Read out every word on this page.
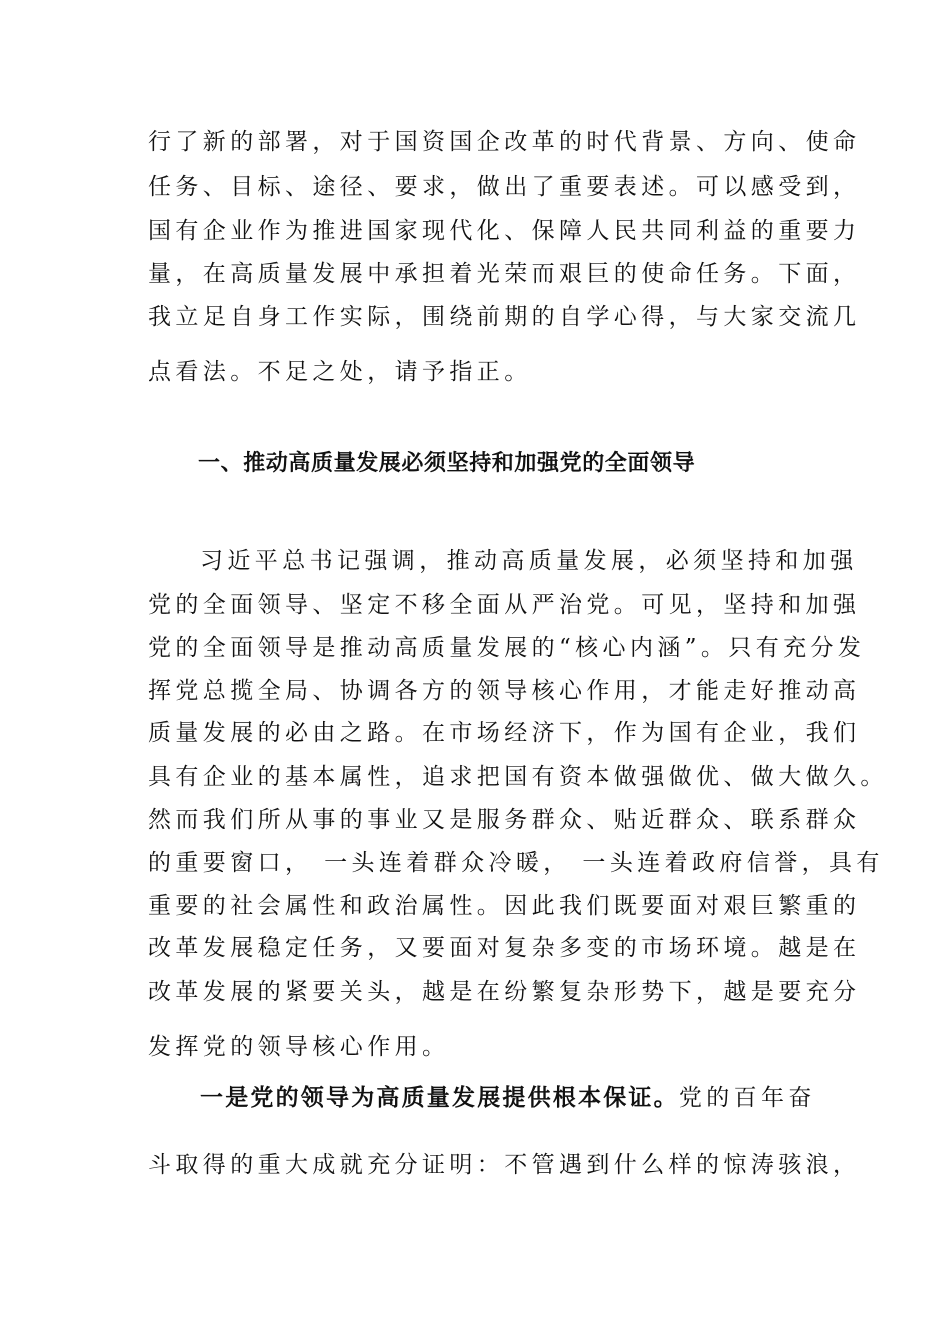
行了新的部署，对于国资国企改革的时代背景、方向、使命
任务、目标、途径、要求，做出了重要表述。可以感受到，
国有企业作为推进国家现代化、保障人民共同利益的重要力
量，在高质量发展中承担着光荣而艰巨的使命任务。下面，
我立足自身工作实际，围绕前期的自学心得，与大家交流几
点看法。不足之处，请予指正。
一、推动高质量发展必须坚持和加强党的全面领导
习近平总书记强调，推动高质量发展，必须坚持和加强
党的全面领导、坚定不移全面从严治党。可见，坚持和加强
党的全面领导是推动高质量发展的“核心内涵”。只有充分发
挥党总揽全局、协调各方的领导核心作用，才能走好推动高
质量发展的必由之路。在市场经济下，作为国有企业，我们
具有企业的基本属性，追求把国有资本做强做优、做大做久。
然而我们所从事的事业又是服务群众、贴近群众、联系群众
的重要窗口， 一头连着群众冷暖， 一头连着政府信誉，具有
重要的社会属性和政治属性。因此我们既要面对艰巨繁重的
改革发展稳定任务，又要面对复杂多变的市场环境。越是在
改革发展的紧要关头，越是在纷繁复杂形势下，越是要充分
发挥党的领导核心作用。
一是党的领导为高质量发展提供根本保证。党的百年奋
斗取得的重大成就充分证明：不管遇到什么样的惊涛骇浪，
